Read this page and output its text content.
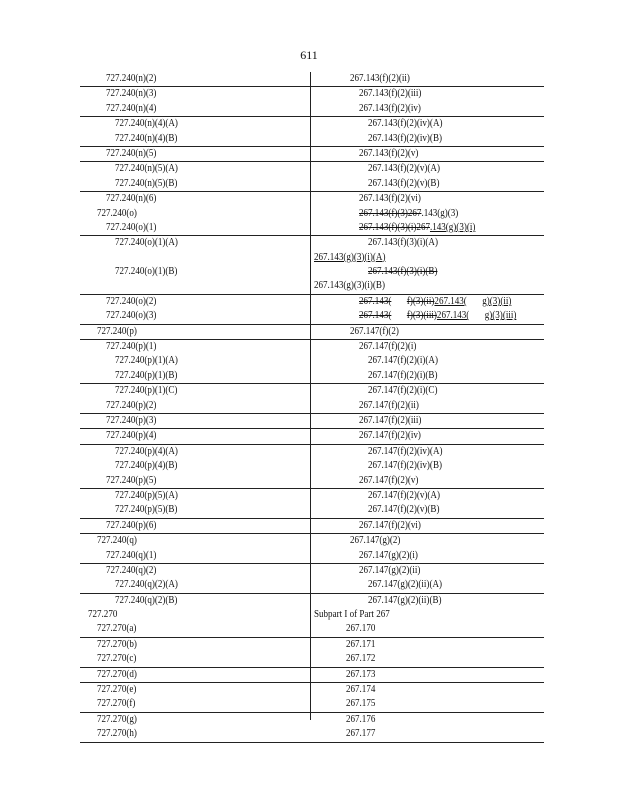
611
727.240(n)(2)	267.143(f)(2)(ii)
727.240(n)(3)	267.143(f)(2)(iii)
727.240(n)(4)	267.143(f)(2)(iv)
727.240(n)(4)(A)	267.143(f)(2)(iv)(A)
727.240(n)(4)(B)	267.143(f)(2)(iv)(B)
727.240(n)(5)	267.143(f)(2)(v)
727.240(n)(5)(A)	267.143(f)(2)(v)(A)
727.240(n)(5)(B)	267.143(f)(2)(v)(B)
727.240(n)(6)	267.143(f)(2)(vi)
727.240(o)	267.143(f)(3)267.143(g)(3)
727.240(o)(1)	267.143(f)(3)(i)267.143(g)(3)(i)
727.240(o)(1)(A)	267.143(f)(3)(i)(A)
267.143(g)(3)(i)(A)
727.240(o)(1)(B)	267.143(f)(3)(i)(B)
267.143(g)(3)(i)(B)
727.240(o)(2)	267.143( f)(3)(ii)267.143( g)(3)(ii)
727.240(o)(3)	267.143( f)(3)(iii)267.143( g)(3)(iii)
727.240(p)	267.147(f)(2)
727.240(p)(1)	267.147(f)(2)(i)
727.240(p)(1)(A)	267.147(f)(2)(i)(A)
727.240(p)(1)(B)	267.147(f)(2)(i)(B)
727.240(p)(1)(C)	267.147(f)(2)(i)(C)
727.240(p)(2)	267.147(f)(2)(ii)
727.240(p)(3)	267.147(f)(2)(iii)
727.240(p)(4)	267.147(f)(2)(iv)
727.240(p)(4)(A)	267.147(f)(2)(iv)(A)
727.240(p)(4)(B)	267.147(f)(2)(iv)(B)
727.240(p)(5)	267.147(f)(2)(v)
727.240(p)(5)(A)	267.147(f)(2)(v)(A)
727.240(p)(5)(B)	267.147(f)(2)(v)(B)
727.240(p)(6)	267.147(f)(2)(vi)
727.240(q)	267.147(g)(2)
727.240(q)(1)	267.147(g)(2)(i)
727.240(q)(2)	267.147(g)(2)(ii)
727.240(q)(2)(A)	267.147(g)(2)(ii)(A)
727.240(q)(2)(B)	267.147(g)(2)(ii)(B)
727.270	Subpart I of Part 267
727.270(a)	267.170
727.270(b)	267.171
727.270(c)	267.172
727.270(d)	267.173
727.270(e)	267.174
727.270(f)	267.175
727.270(g)	267.176
727.270(h)	267.177
